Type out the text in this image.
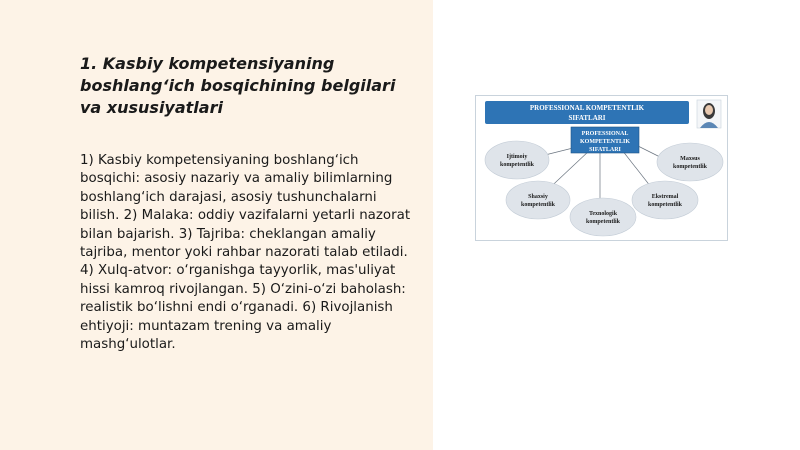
1. Kasbiy kompetensiyaning boshlang‘ich bosqichining belgilari va xususiyatlari

1) Kasbiy kompetensiyaning boshlang‘ich bosqichi: asosiy nazariy va amaliy bilimlarning boshlang‘ich darajasi, asosiy tushunchalarni bilish. 2) Malaka: oddiy vazifalarni yetarli nazorat bilan bajarish. 3) Tajriba: cheklangan amaliy tajriba, mentor yoki rahbar nazorati talab etiladi. 4) Xulq-atvor: o‘rganishga tayyorlik, mas'uliyat hissi kamroq rivojlangan. 5) O‘zini-o‘zi baholash: realistik bo‘lishni endi o‘rganadi. 6) Rivojlanish ehtiyoji: muntazam trening va amaliy mashg‘ulotlar.

PROFESSIONAL KOMPETENTLIK
SIFATLARI
PROFESSIONAL
KOMPETENTLIK
SIFATLARI
Ijtimoiy
kompetentlik
Maxsus
kompetentlik
Shaxsiy
kompetentlik
Texnologik
kompetentlik
Ekstremal
kompetentlik
